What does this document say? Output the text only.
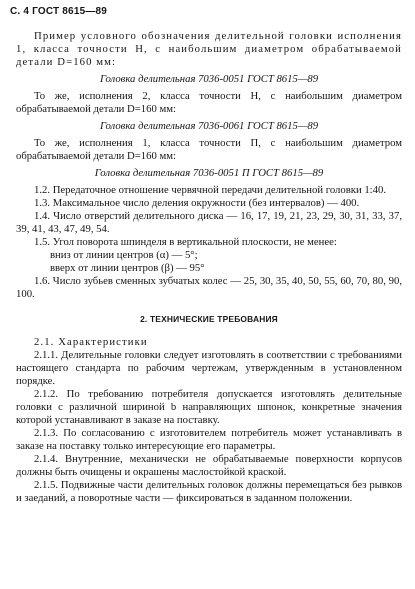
С. 4 ГОСТ 8615—89

Пример условного обозначения делительной головки исполнения 1, класса точности Н, с наибольшим диаметром обрабатываемой детали D=160 мм:

Головка делительная 7036-0051 ГОСТ 8615—89

То же, исполнения 2, класса точности Н, с наибольшим диаметром обрабатываемой детали D=160 мм:

Головка делительная 7036-0061 ГОСТ 8615—89

То же, исполнения 1, класса точности П, с наибольшим диаметром обрабатываемой детали D=160 мм:

Головка делительная 7036-0051 П ГОСТ 8615—89

1.2. Передаточное отношение червячной передачи делительной головки 1:40.

1.3. Максимальное число деления окружности (без интервалов) — 400.

1.4. Число отверстий делительного диска — 16, 17, 19, 21, 23, 29, 30, 31, 33, 37, 39, 41, 43, 47, 49, 54.

1.5. Угол поворота шпинделя в вертикальной плоскости, не менее:

вниз от линии центров (α) — 5°;

вверх от линии центров (β) — 95°

1.6. Число зубьев сменных зубчатых колес — 25, 30, 35, 40, 50, 55, 60, 70, 80, 90, 100.

2. ТЕХНИЧЕСКИЕ ТРЕБОВАНИЯ

2.1. Характеристики

2.1.1. Делительные головки следует изготовлять в соответствии с требованиями настоящего стандарта по рабочим чертежам, утвержденным в установленном порядке.

2.1.2. По требованию потребителя допускается изготовлять делительные головки с различной шириной b направляющих шпонок, конкретные значения которой устанавливают в заказе на поставку.

2.1.3. По согласованию с изготовителем потребитель может устанавливать в заказе на поставку только интересующие его параметры.

2.1.4. Внутренние, механически не обрабатываемые поверхности корпусов должны быть очищены и окрашены маслостойкой краской.

2.1.5. Подвижные части делительных головок должны перемещаться без рывков и заеданий, а поворотные части — фиксироваться в заданном положении.
